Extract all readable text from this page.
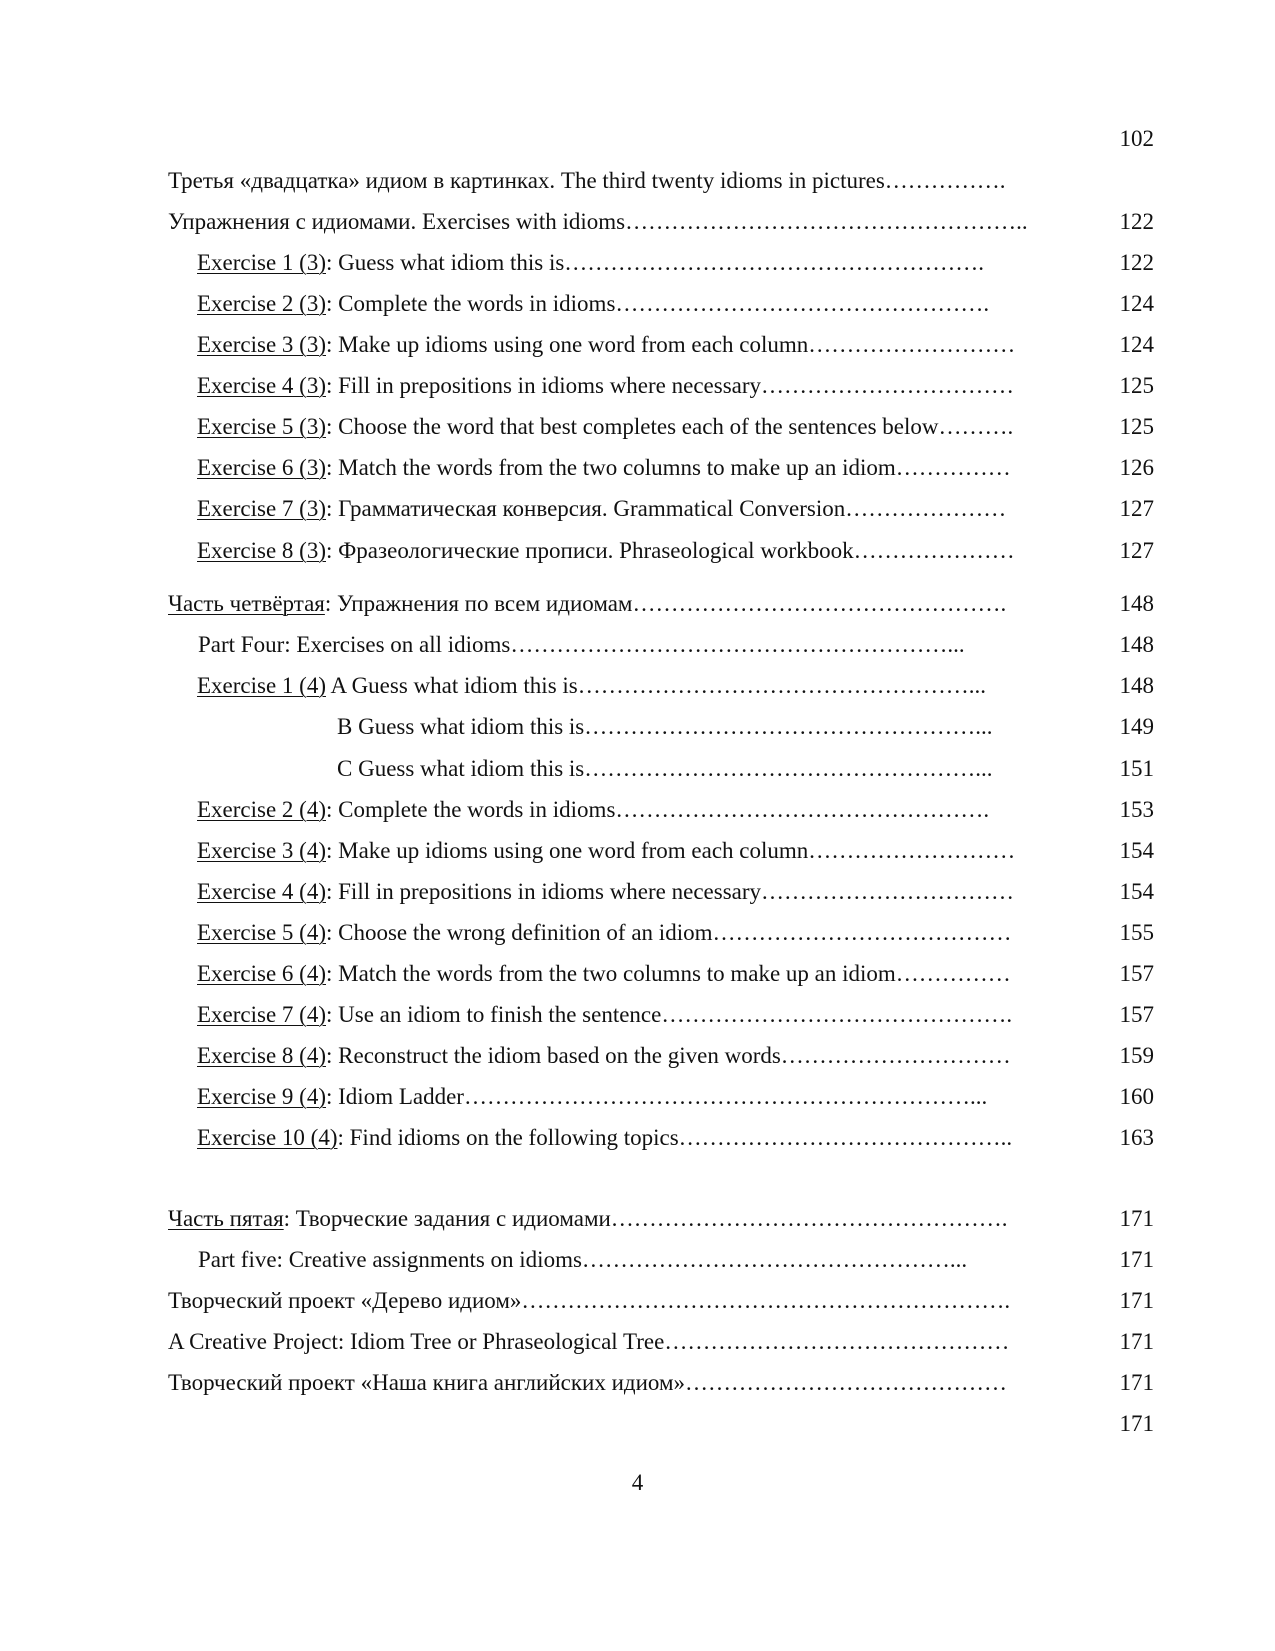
102
Третья «двадцатка» идиом в картинках. The third twenty idioms in pictures…………….
Упражнения с идиомами. Exercises with idioms……………………………………………..	122
Exercise 1 (3): Guess what idiom this is……………………………………………….	122
Exercise 2 (3): Complete the words in idioms………………………………………….	124
Exercise 3 (3): Make up idioms using one word from each column………………………	124
Exercise 4 (3): Fill in prepositions in idioms where necessary……………………………	125
Exercise 5 (3): Choose the word that best completes each of the sentences below……….	125
Exercise 6 (3): Match the words from the two columns to make up an idiom……………	126
Exercise 7 (3): Грамматическая конверсия. Grammatical Conversion…………………	127
Exercise 8 (3): Фразеологические прописи. Phraseological workbook…………………	127
Часть четвёртая: Упражнения по всем идиомам………………………………………….	148
Part Four: Exercises on all idioms…………………………………………………...	148
Exercise 1 (4) A Guess what idiom this is……………………………………………...	148
B Guess what idiom this is……………………………………………...	149
C Guess what idiom this is……………………………………………...	151
Exercise 2 (4): Complete the words in idioms………………………………………….	153
Exercise 3 (4): Make up idioms using one word from each column………………………	154
Exercise 4 (4): Fill in prepositions in idioms where necessary……………………………	154
Exercise 5 (4): Choose the wrong definition of an idiom…………………………………	155
Exercise 6 (4): Match the words from the two columns to make up an idiom……………	157
Exercise 7 (4): Use an idiom to finish the sentence……………………………………….	157
Exercise 8 (4): Reconstruct the idiom based on the given words…………………………	159
Exercise 9 (4): Idiom Ladder…………………………………………………………...	160
Exercise 10 (4): Find idioms on the following topics……………………………………..	163
Часть пятая: Творческие задания с идиомами…………………………………………….	171
Part five: Creative assignments on idioms…………………………………………...	171
Творческий проект «Дерево идиом»……………………………………………………….	171
A Creative Project: Idiom Tree or Phraseological Tree………………………………………	171
Творческий проект «Наша книга английских идиом»……………………………………	171
171
4
